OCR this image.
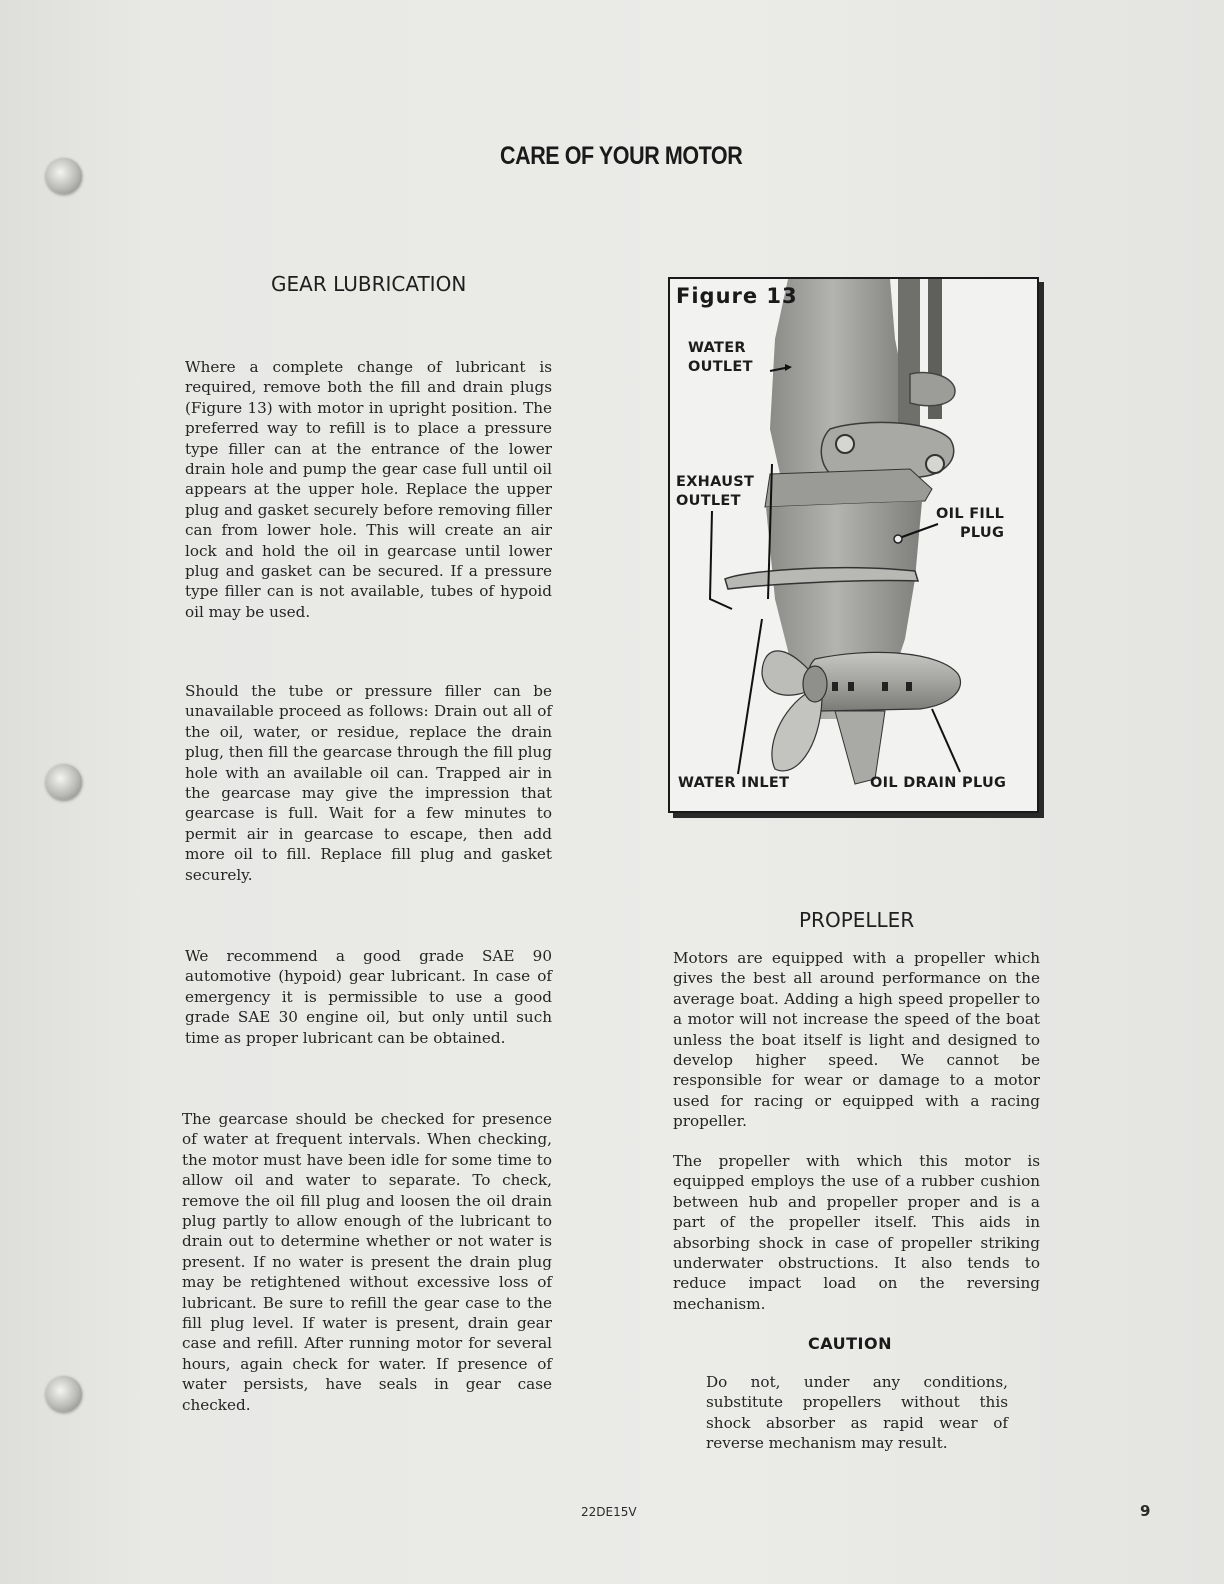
CARE OF YOUR MOTOR
GEAR LUBRICATION

Where a complete change of lubricant is required, remove both the fill and drain plugs (Figure 13) with motor in upright position. The preferred way to refill is to place a pressure type filler can at the entrance of the lower drain hole and pump the gear case full until oil appears at the upper hole. Replace the upper plug and gasket securely before removing filler can from lower hole. This will create an air lock and hold the oil in gearcase until lower plug and gasket can be secured. If a pressure type filler can is not available, tubes of hypoid oil may be used.

Should the tube or pressure filler can be unavailable proceed as follows: Drain out all of the oil, water, or residue, replace the drain plug, then fill the gearcase through the fill plug hole with an available oil can. Trapped air in the gearcase may give the impression that gearcase is full. Wait for a few minutes to permit air in gearcase to escape, then add more oil to fill. Replace fill plug and gasket securely.

We recommend a good grade SAE 90 automotive (hypoid) gear lubricant. In case of emergency it is permissible to use a good grade SAE 30 engine oil, but only until such time as proper lubricant can be obtained.

The gearcase should be checked for presence of water at frequent intervals. When checking, the motor must have been idle for some time to allow oil and water to separate. To check, remove the oil fill plug and loosen the oil drain plug partly to allow enough of the lubricant to drain out to determine whether or not water is present. If no water is present the drain plug may be retightened without excessive loss of lubricant. Be sure to refill the gear case to the fill plug level. If water is present, drain gear case and refill. After running motor for several hours, again check for water. If presence of water persists, have seals in gear case checked.

Figure 13
WATER
OUTLET
EXHAUST
OUTLET
OIL FILL
PLUG
WATER INLET	OIL DRAIN PLUG
PROPELLER

Motors are equipped with a propeller which gives the best all around performance on the average boat. Adding a high speed propeller to a motor will not increase the speed of the boat unless the boat itself is light and designed to develop higher speed. We cannot be responsible for wear or damage to a motor used for racing or equipped with a racing propeller.

The propeller with which this motor is equipped employs the use of a rubber cushion between hub and propeller proper and is a part of the propeller itself. This aids in absorbing shock in case of propeller striking underwater obstructions. It also tends to reduce impact load on the reversing mechanism.

CAUTION

Do not, under any conditions, substitute propellers without this shock absorber as rapid wear of reverse mechanism may result.

22DE15V	9
